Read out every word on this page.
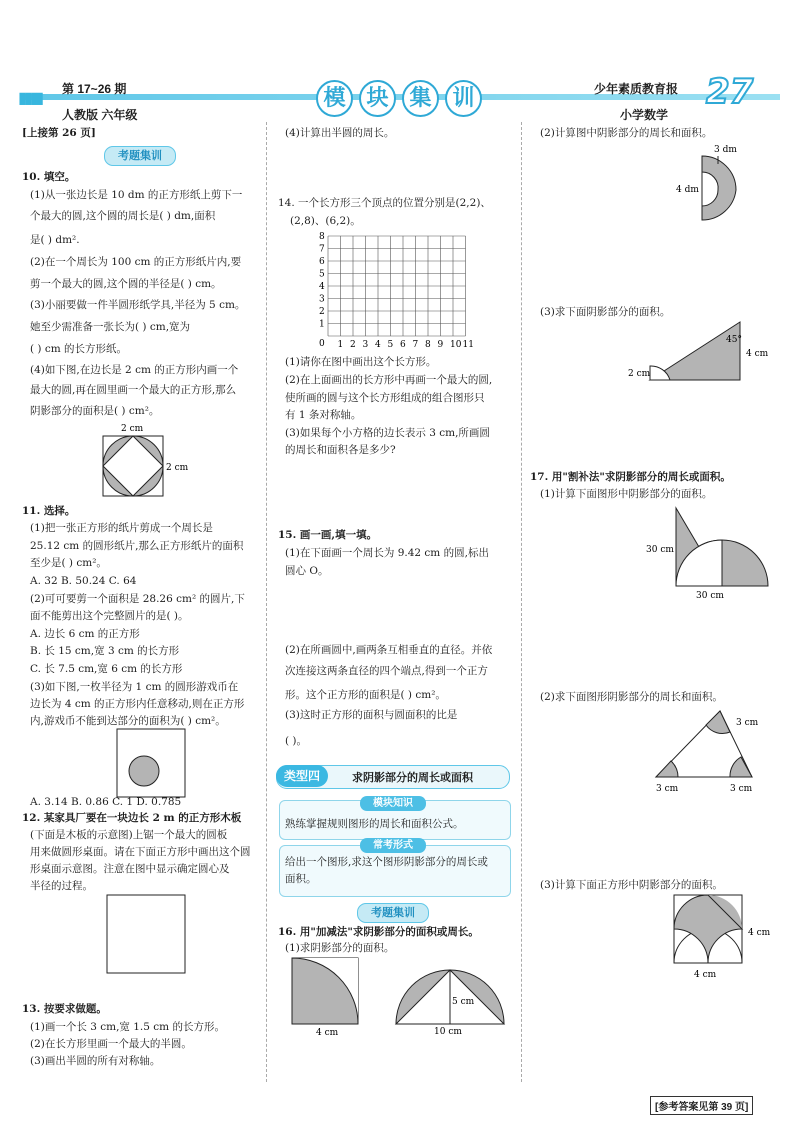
▮▮▮▮ 第 17~26 期
人教版 六年级
模 块 集 训	少年素质教育报
小学数学
27
[上接第 26 页]
考题集训
10. 填空。
(1)从一张边长是 10 dm 的正方形纸上剪下一
个最大的圆,这个圆的周长是( ) dm,面积
是( ) dm².
(2)在一个周长为 100 cm 的正方形纸片内,要
剪一个最大的圆,这个圆的半径是( ) cm。
(3)小丽要做一件半圆形纸学具,半径为 5 cm。
她至少需准备一张长为( ) cm,宽为
( ) cm 的长方形纸。
(4)如下图,在边长是 2 cm 的正方形内画一个
最大的圆,再在圆里画一个最大的正方形,那么
阴影部分的面积是( ) cm²。
2 cm
2 cm
11. 选择。
(1)把一张正方形的纸片剪成一个周长是
25.12 cm 的圆形纸片,那么正方形纸片的面积
至少是( ) cm²。
A. 32 B. 50.24 C. 64
(2)可可要剪一个面积是 28.26 cm² 的圆片,下
面不能剪出这个完整圆片的是( )。
A. 边长 6 cm 的正方形
B. 长 15 cm,宽 3 cm 的长方形
C. 长 7.5 cm,宽 6 cm 的长方形
(3)如下图,一枚半径为 1 cm 的圆形游戏币在
边长为 4 cm 的正方形内任意移动,则在正方形
内,游戏币不能到达部分的面积为( ) cm²。
A. 3.14 B. 0.86 C. 1 D. 0.785
12. 某家具厂要在一块边长 2 m 的正方形木板
(下面是木板的示意图)上锯一个最大的圆板
用来做圆形桌面。请在下面正方形中画出这个圆
形桌面示意图。注意在图中显示确定圆心及
半径的过程。
13. 按要求做题。
(1)画一个长 3 cm,宽 1.5 cm 的长方形。
(2)在长方形里画一个最大的半圆。
(3)画出半圆的所有对称轴。
(4)计算出半圆的周长。
14. 一个长方形三个顶点的位置分别是(2,2)、
(2,8)、(6,2)。
1 2 3 4 5 6 7 8 9 10 11
1
2
3
4
5
6
7
8
0
(1)请你在图中画出这个长方形。
(2)在上面画出的长方形中再画一个最大的圆,
使所画的圆与这个长方形组成的组合图形只
有 1 条对称轴。
(3)如果每个小方格的边长表示 3 cm,所画圆
的周长和面积各是多少?
15. 画一画,填一填。
(1)在下面画一个周长为 9.42 cm 的圆,标出
圆心 O。
(2)在所画圆中,画两条互相垂直的直径。并依
次连接这两条直径的四个端点,得到一个正方
形。这个正方形的面积是( ) cm²。
(3)这时正方形的面积与圆面积的比是
( )。
类型四	求阴影部分的周长或面积
模块知识
熟练掌握规则图形的周长和面积公式。
常考形式
给出一个图形,求这个图形阴影部分的周长或
面积。
考题集训
16. 用"加减法"求阴影部分的面积或周长。
(1)求阴影部分的面积。
4 cm
5 cm
10 cm
(2)计算图中阴影部分的周长和面积。
3 dm
4 dm
(3)求下面阴影部分的面积。
4 cm
2 cm
45°
17. 用"割补法"求阴影部分的周长或面积。
(1)计算下面图形中阴影部分的面积。
30 cm
30 cm
(2)求下面图形阴影部分的周长和面积。
3 cm
3 cm	3 cm
(3)计算下面正方形中阴影部分的面积。
4 cm
4 cm
[参考答案见第 39 页]
